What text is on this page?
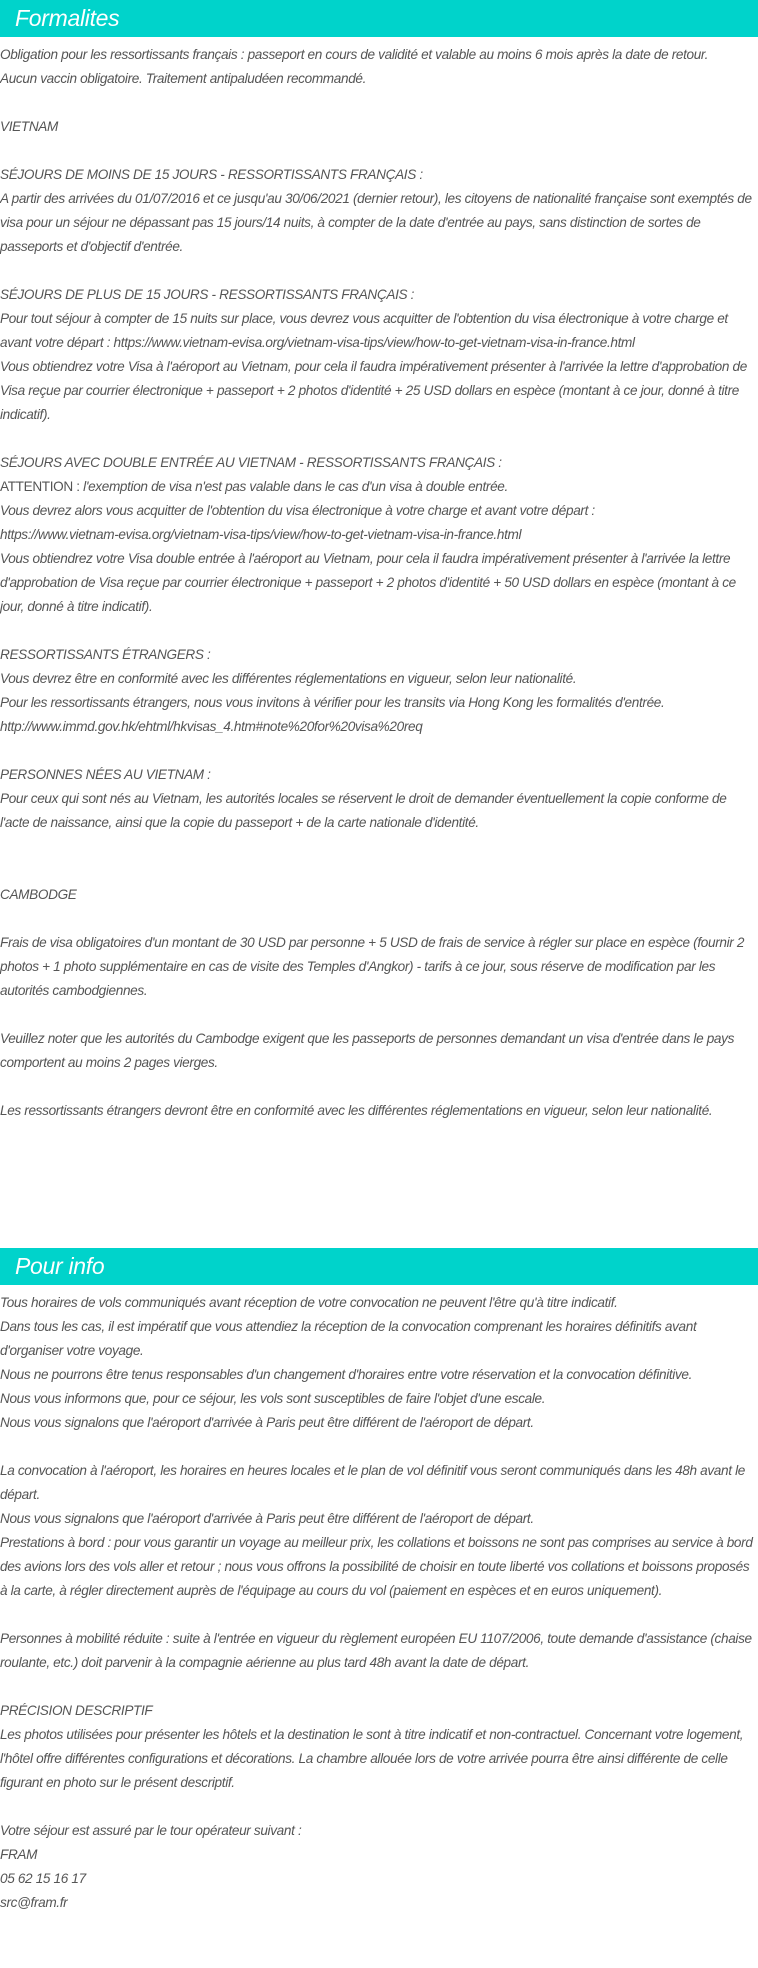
Formalites

Obligation pour les ressortissants français : passeport en cours de validité et valable au moins 6 mois après la date de retour.

Aucun vaccin obligatoire. Traitement antipaludéen recommandé.

VIETNAM

SÉJOURS DE MOINS DE 15 JOURS - RESSORTISSANTS FRANÇAIS :

A partir des arrivées du 01/07/2016 et ce jusqu'au 30/06/2021 (dernier retour), les citoyens de nationalité française sont exemptés de visa pour un séjour ne dépassant pas 15 jours/14 nuits, à compter de la date d'entrée au pays, sans distinction de sortes de passeports et d'objectif d'entrée.

SÉJOURS DE PLUS DE 15 JOURS - RESSORTISSANTS FRANÇAIS :

Pour tout séjour à compter de 15 nuits sur place, vous devrez vous acquitter de l'obtention du visa électronique à votre charge et avant votre départ : https://www.vietnam-evisa.org/vietnam-visa-tips/view/how-to-get-vietnam-visa-in-france.html

Vous obtiendrez votre Visa à l'aéroport au Vietnam, pour cela il faudra impérativement présenter à l'arrivée la lettre d'approbation de Visa reçue par courrier électronique + passeport + 2 photos d'identité + 25 USD dollars en espèce (montant à ce jour, donné à titre indicatif).

SÉJOURS AVEC DOUBLE ENTRÉE AU VIETNAM - RESSORTISSANTS FRANÇAIS :

ATTENTION : l'exemption de visa n'est pas valable dans le cas d'un visa à double entrée.

Vous devrez alors vous acquitter de l'obtention du visa électronique à votre charge et avant votre départ :

https://www.vietnam-evisa.org/vietnam-visa-tips/view/how-to-get-vietnam-visa-in-france.html

Vous obtiendrez votre Visa double entrée à l'aéroport au Vietnam, pour cela il faudra impérativement présenter à l'arrivée la lettre d'approbation de Visa reçue par courrier électronique + passeport + 2 photos d'identité + 50 USD dollars en espèce (montant à ce jour, donné à titre indicatif).

RESSORTISSANTS ÉTRANGERS :

Vous devrez être en conformité avec les différentes réglementations en vigueur, selon leur nationalité.

Pour les ressortissants étrangers, nous vous invitons à vérifier pour les transits via Hong Kong les formalités d'entrée.

http://www.immd.gov.hk/ehtml/hkvisas_4.htm#note%20for%20visa%20req

PERSONNES NÉES AU VIETNAM :

Pour ceux qui sont nés au Vietnam, les autorités locales se réservent le droit de demander éventuellement la copie conforme de l'acte de naissance, ainsi que la copie du passeport + de la carte nationale d'identité.

CAMBODGE

Frais de visa obligatoires d'un montant de 30 USD par personne + 5 USD de frais de service à régler sur place en espèce (fournir 2 photos + 1 photo supplémentaire en cas de visite des Temples d'Angkor) - tarifs à ce jour, sous réserve de modification par les autorités cambodgiennes.

Veuillez noter que les autorités du Cambodge exigent que les passeports de personnes demandant un visa d'entrée dans le pays comportent au moins 2 pages vierges.

Les ressortissants étrangers devront être en conformité avec les différentes réglementations en vigueur, selon leur nationalité.

Pour info

Tous horaires de vols communiqués avant réception de votre convocation ne peuvent l'être qu'à titre indicatif.

Dans tous les cas, il est impératif que vous attendiez la réception de la convocation comprenant les horaires définitifs avant d'organiser votre voyage.

Nous ne pourrons être tenus responsables d'un changement d'horaires entre votre réservation et la convocation définitive.

Nous vous informons que, pour ce séjour, les vols sont susceptibles de faire l'objet d'une escale.

Nous vous signalons que l'aéroport d'arrivée à Paris peut être différent de l'aéroport de départ.

La convocation à l'aéroport, les horaires en heures locales et le plan de vol définitif vous seront communiqués dans les 48h avant le départ.

Nous vous signalons que l'aéroport d'arrivée à Paris peut être différent de l'aéroport de départ.

Prestations à bord : pour vous garantir un voyage au meilleur prix, les collations et boissons ne sont pas comprises au service à bord des avions lors des vols aller et retour ; nous vous offrons la possibilité de choisir en toute liberté vos collations et boissons proposés à la carte, à régler directement auprès de l'équipage au cours du vol (paiement en espèces et en euros uniquement).

Personnes à mobilité réduite : suite à l'entrée en vigueur du règlement européen EU 1107/2006, toute demande d'assistance (chaise roulante, etc.) doit parvenir à la compagnie aérienne au plus tard 48h avant la date de départ.

PRÉCISION DESCRIPTIF

Les photos utilisées pour présenter les hôtels et la destination le sont à titre indicatif et non-contractuel. Concernant votre logement, l'hôtel offre différentes configurations et décorations. La chambre allouée lors de votre arrivée pourra être ainsi différente de celle figurant en photo sur le présent descriptif.

Votre séjour est assuré par le tour opérateur suivant :

FRAM

05 62 15 16 17

src@fram.fr
